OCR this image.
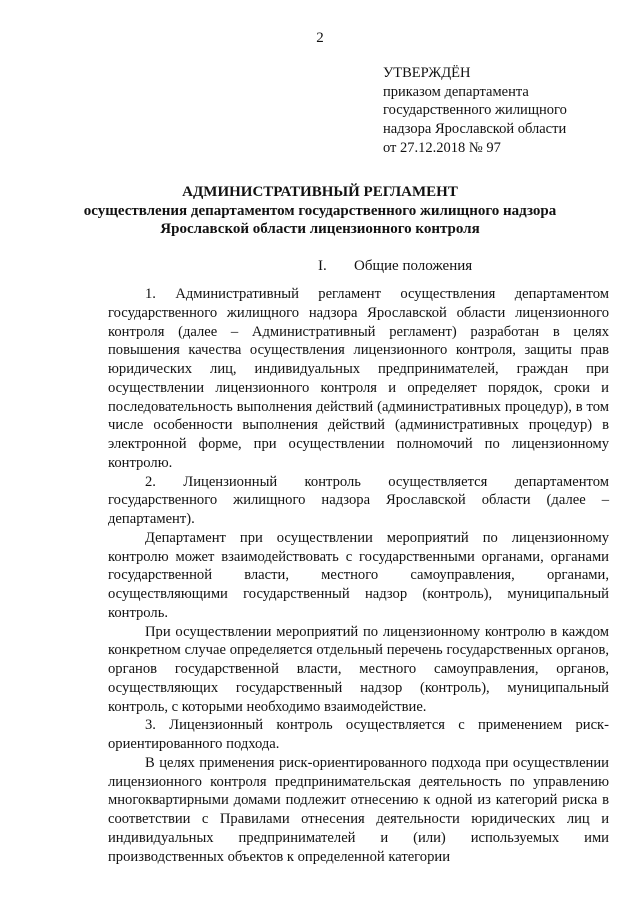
2
УТВЕРЖДЁН
приказом департамента
государственного жилищного
надзора Ярославской области
от 27.12.2018 № 97
АДМИНИСТРАТИВНЫЙ РЕГЛАМЕНТ
осуществления департаментом государственного жилищного надзора
Ярославской области лицензионного контроля
I. Общие положения

1. Административный регламент осуществления департаментом государственного жилищного надзора Ярославской области лицензионного контроля (далее – Административный регламент) разработан в целях повышения качества осуществления лицензионного контроля, защиты прав юридических лиц, индивидуальных предпринимателей, граждан при осуществлении лицензионного контроля и определяет порядок, сроки и последовательность выполнения действий (административных процедур), в том числе особенности выполнения действий (административных процедур) в электронной форме, при осуществлении полномочий по лицензионному контролю.

2. Лицензионный контроль осуществляется департаментом государственного жилищного надзора Ярославской области (далее – департамент).

Департамент при осуществлении мероприятий по лицензионному контролю может взаимодействовать с государственными органами, органами государственной власти, местного самоуправления, органами, осуществляющими государственный надзор (контроль), муниципальный контроль.

При осуществлении мероприятий по лицензионному контролю в каждом конкретном случае определяется отдельный перечень государственных органов, органов государственной власти, местного самоуправления, органов, осуществляющих государственный надзор (контроль), муниципальный контроль, с которыми необходимо взаимодействие.

3. Лицензионный контроль осуществляется с применением риск-ориентированного подхода.

В целях применения риск-ориентированного подхода при осуществлении лицензионного контроля предпринимательская деятельность по управлению многоквартирными домами подлежит отнесению к одной из категорий риска в соответствии с Правилами отнесения деятельности юридических лиц и индивидуальных предпринимателей и (или) используемых ими производственных объектов к определенной категории
